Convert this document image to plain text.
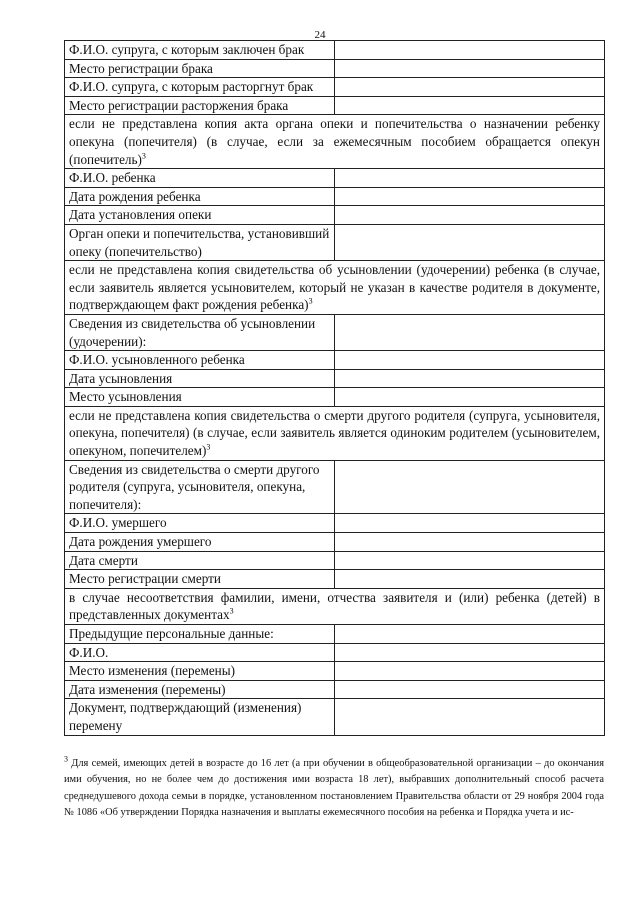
24
Ф.И.О. супруга, с которым заключен брак	
Место регистрации брака	
Ф.И.О. супруга, с которым расторгнут брак	
Место регистрации расторжения брака	
если не представлена копия акта органа опеки и попечительства о назначении ребенку опекуна (попечителя) (в случае, если за ежемесячным пособием обращается опекун (попечитель)$^3$
Ф.И.О. ребенка	
Дата рождения ребенка	
Дата установления опеки	
Орган опеки и попечительства, установивший опеку (попечительство)	
если не представлена копия свидетельства об усыновлении (удочерении) ребенка (в случае, если заявитель является усыновителем, который не указан в качестве родителя в документе, подтверждающем факт рождения ребенка)$^3$
Сведения из свидетельства об усыновлении (удочерении):	
Ф.И.О. усыновленного ребенка	
Дата усыновления	
Место усыновления	
если не представлена копия свидетельства о смерти другого родителя (супруга, усыновителя, опекуна, попечителя) (в случае, если заявитель является одиноким родителем (усыновителем, опекуном, попечителем)$^3$
Сведения из свидетельства о смерти другого родителя (супруга, усыновителя, опекуна, попечителя):	
Ф.И.О. умершего	
Дата рождения умершего	
Дата смерти	
Место регистрации смерти	
в случае несоответствия фамилии, имени, отчества заявителя и (или) ребенка (детей) в представленных документах$^3$
Предыдущие персональные данные:	
Ф.И.О.	
Место изменения (перемены)	
Дата изменения (перемены)	
Документ, подтверждающий (изменения) перемену	
$^3$ Для семей, имеющих детей в возрасте до 16 лет (а при обучении в общеобразовательной организации – до окончания ими обучения, но не более чем до достижения ими возраста 18 лет), выбравших дополнительный способ расчета среднедушевого дохода семьи в порядке, установленном постановлением Правительства области от 29 ноября 2004 года № 1086 «Об утверждении Порядка назначения и выплаты ежемесячного пособия на ребенка и Порядка учета и ис-
